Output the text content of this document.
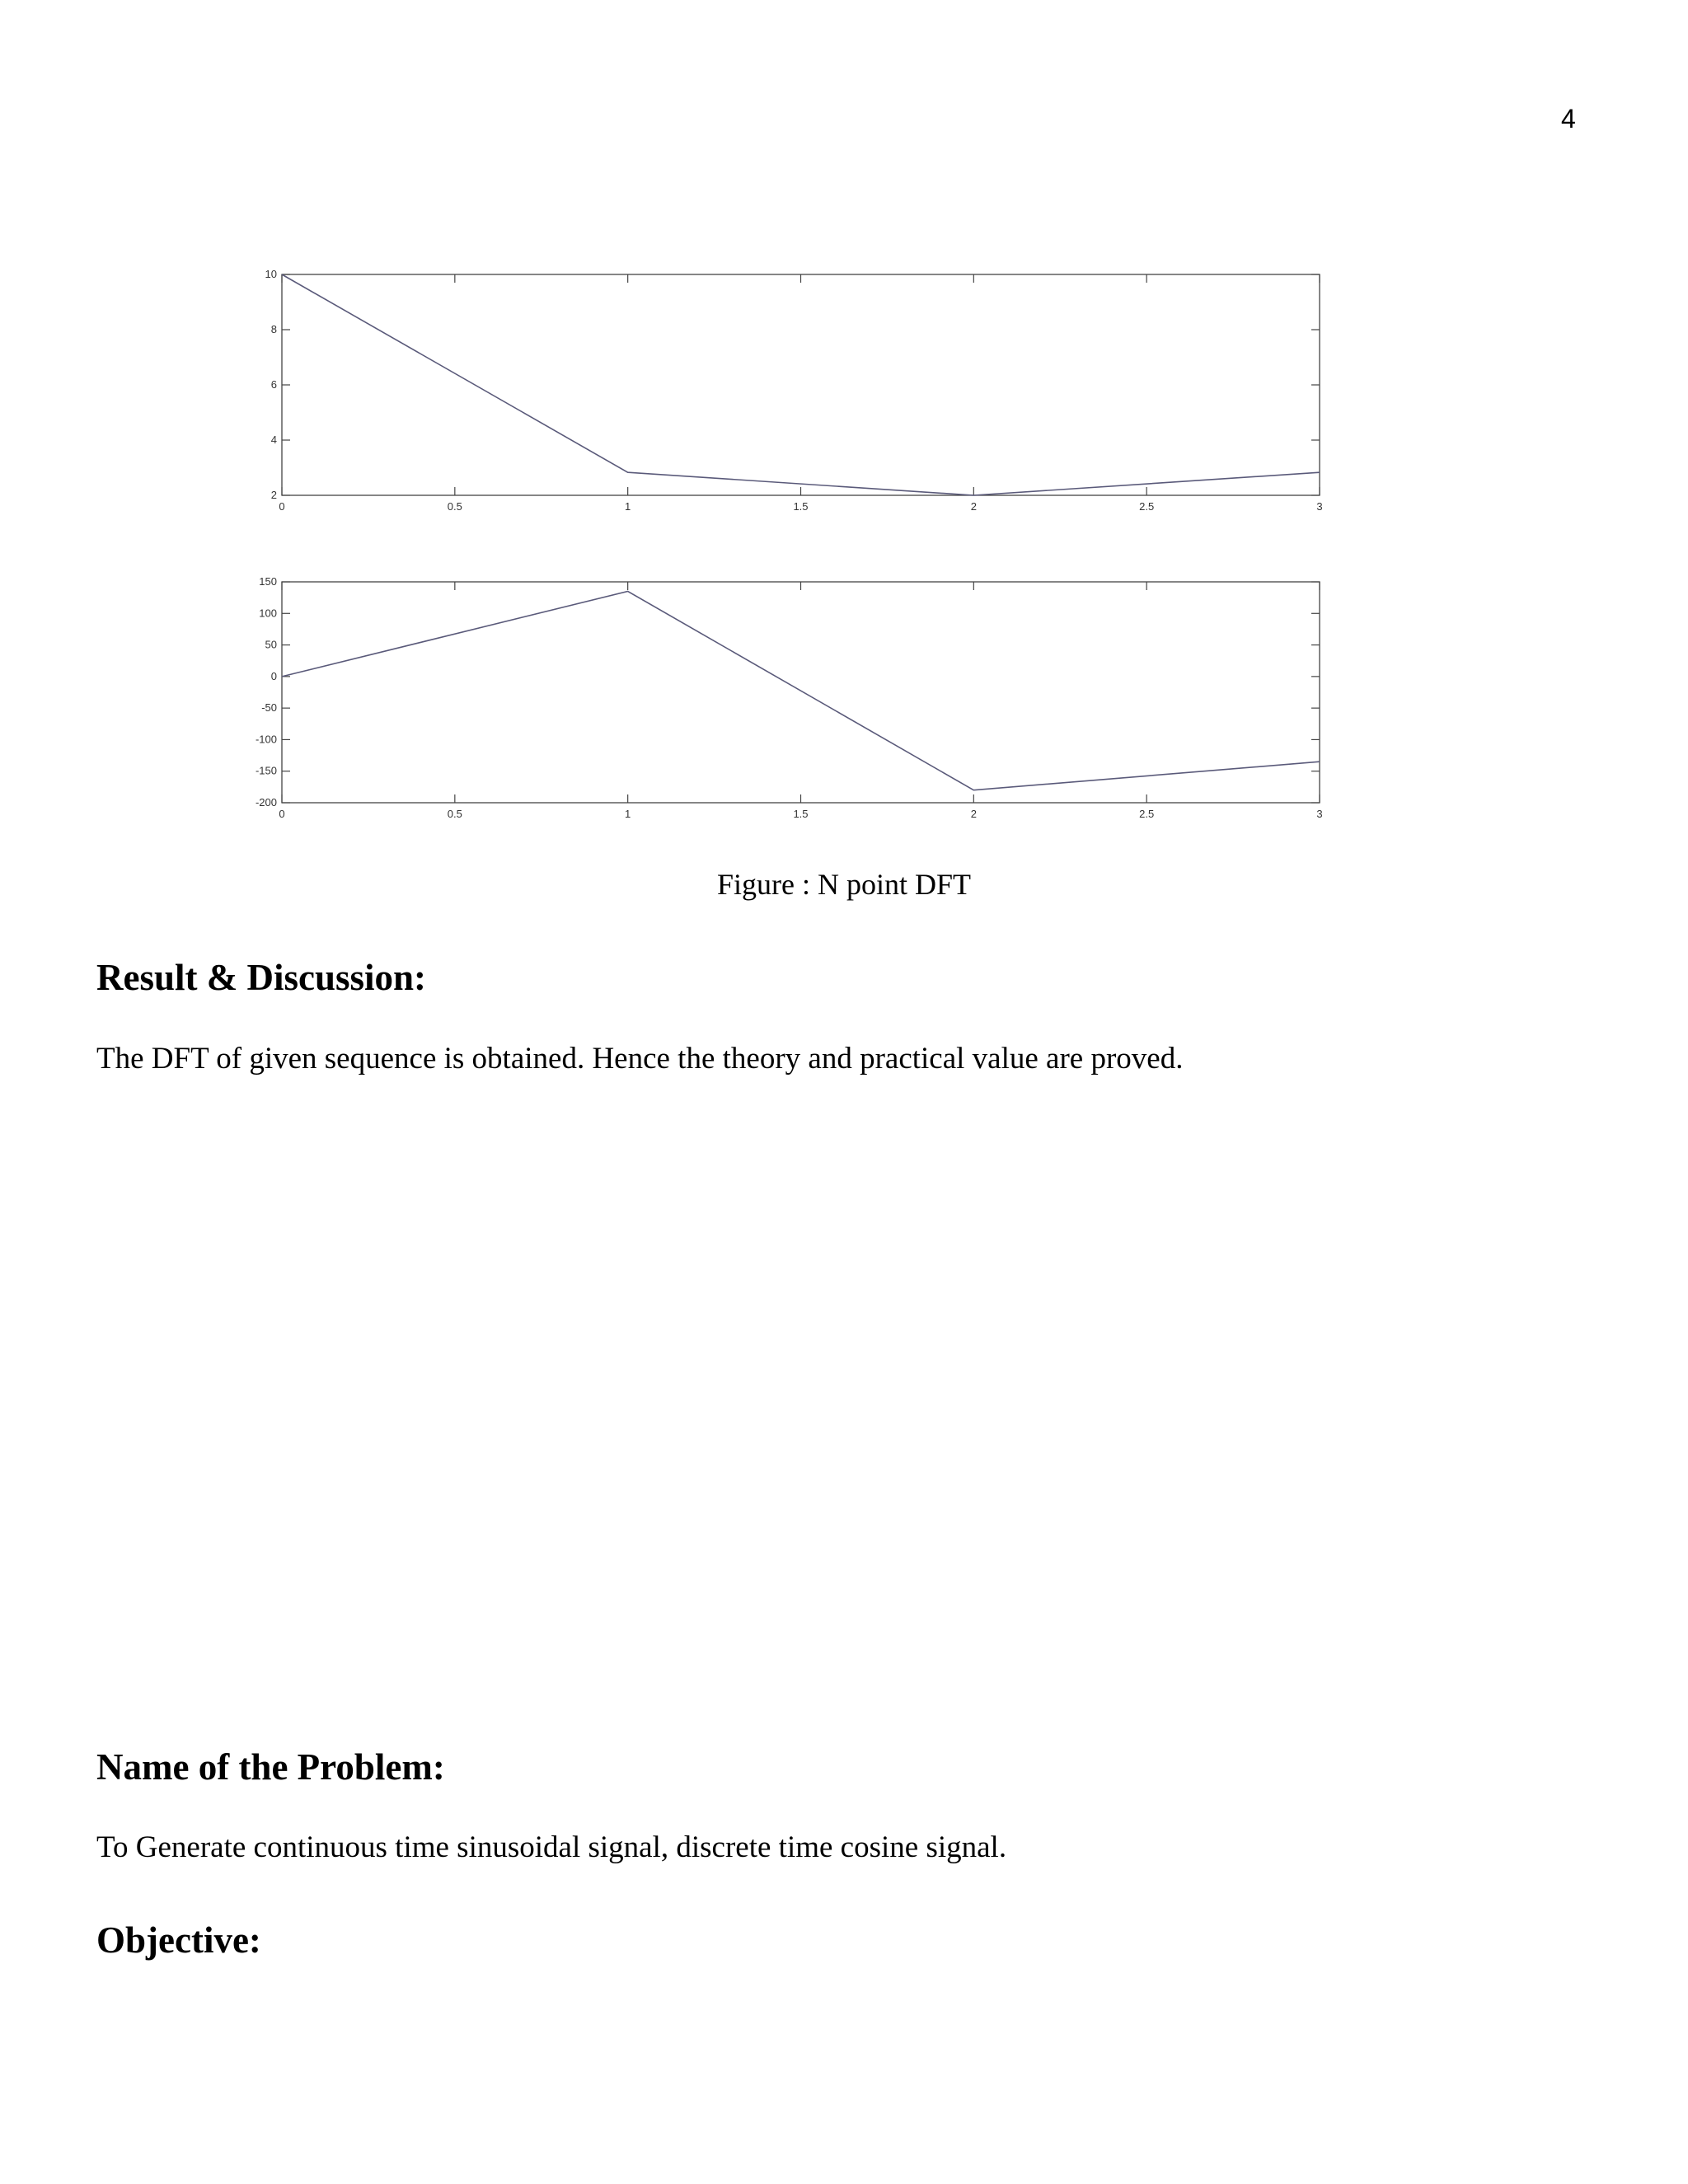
4
0	0.5	1	1.5	2	2.5	3
2
4
6
8
10
0	0.5	1	1.5	2	2.5	3
150
100
50
0
-50
-100
-150
-200
Figure : N point DFT
Result & Discussion:
The DFT of given sequence is obtained. Hence the theory and practical value are proved.
Name of the Problem:
To Generate continuous time sinusoidal signal, discrete time cosine signal.
Objective:
